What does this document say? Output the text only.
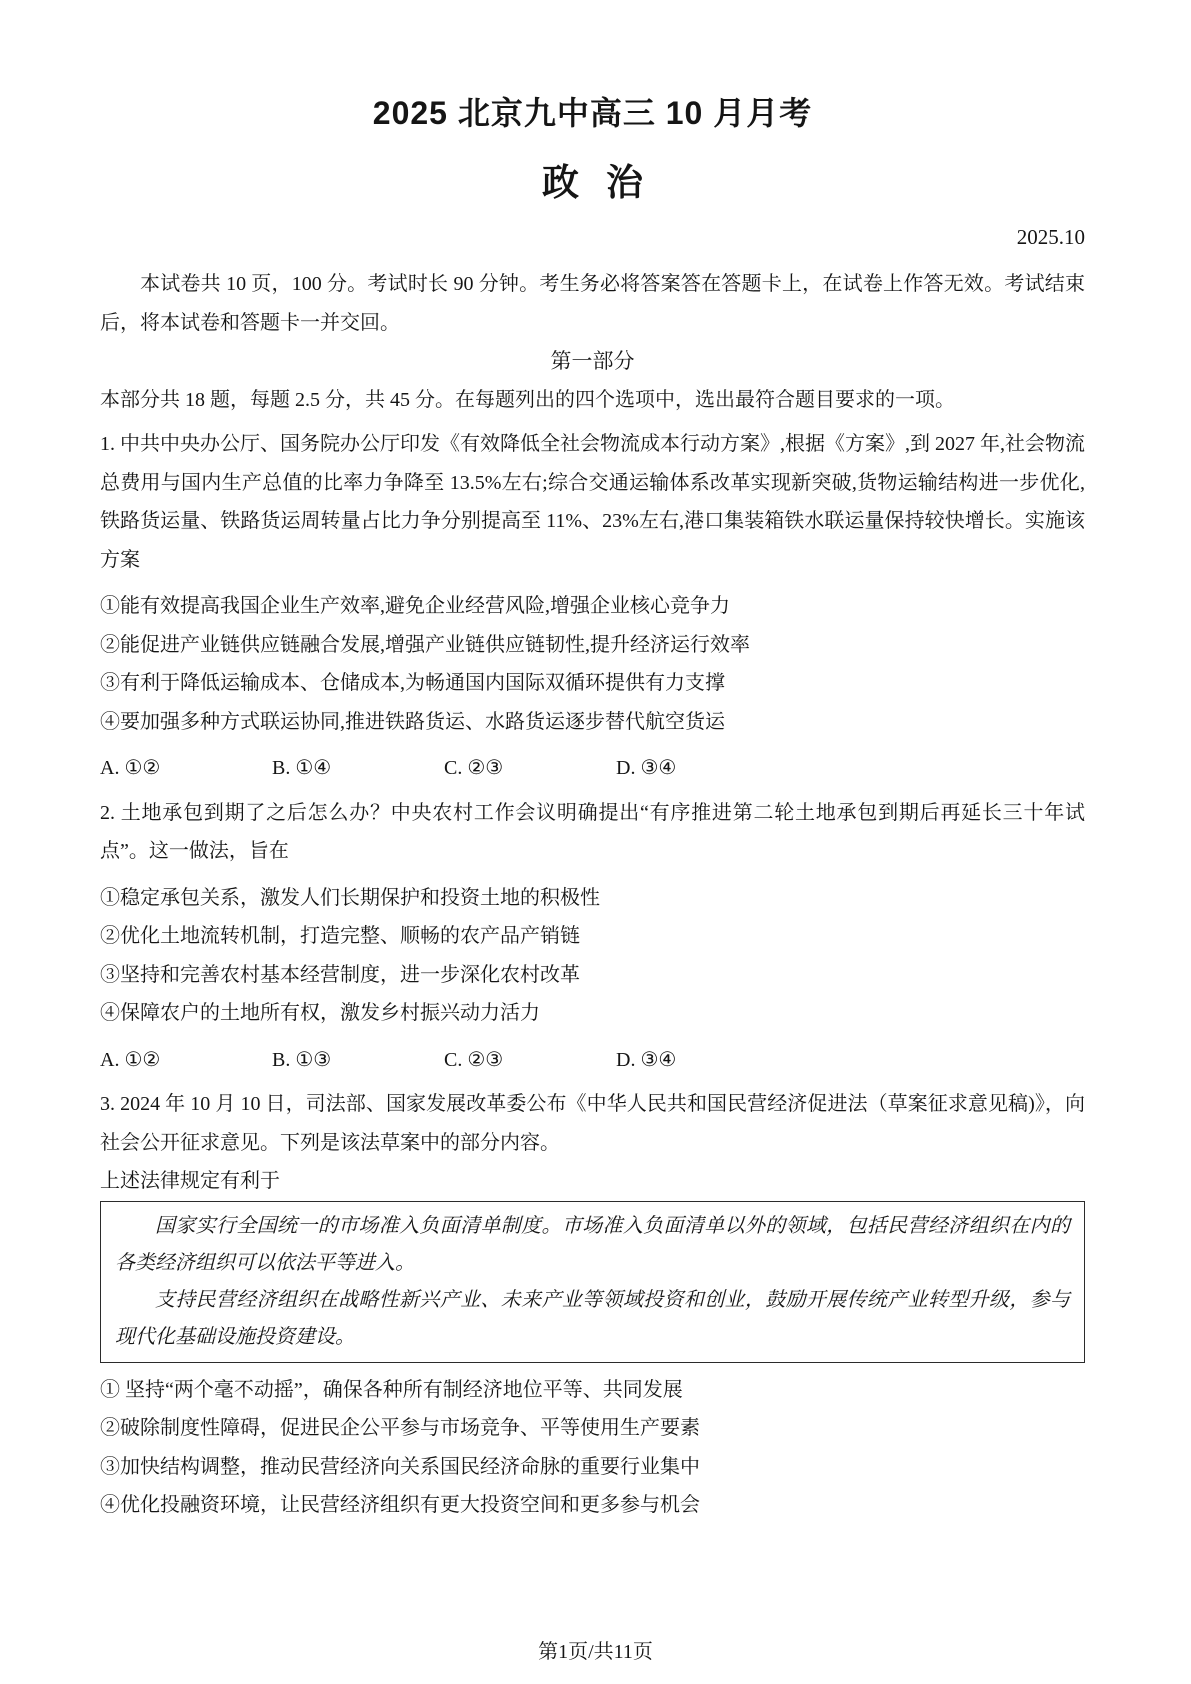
2025 北京九中高三 10 月月考
政 治
2025.10

本试卷共 10 页，100 分。考试时长 90 分钟。考生务必将答案答在答题卡上，在试卷上作答无效。考试结束后，将本试卷和答题卡一并交回。

第一部分

本部分共 18 题，每题 2.5 分，共 45 分。在每题列出的四个选项中，选出最符合题目要求的一项。

1. 中共中央办公厅、国务院办公厅印发《有效降低全社会物流成本行动方案》,根据《方案》,到 2027 年,社会物流总费用与国内生产总值的比率力争降至 13.5%左右;综合交通运输体系改革实现新突破,货物运输结构进一步优化,铁路货运量、铁路货运周转量占比力争分别提高至 11%、23%左右,港口集装箱铁水联运量保持较快增长。实施该方案

①能有效提高我国企业生产效率,避免企业经营风险,增强企业核心竞争力

②能促进产业链供应链融合发展,增强产业链供应链韧性,提升经济运行效率

③有利于降低运输成本、仓储成本,为畅通国内国际双循环提供有力支撑

④要加强多种方式联运协同,推进铁路货运、水路货运逐步替代航空货运

A. ①②	B. ①④	C. ②③	D. ③④

2. 土地承包到期了之后怎么办？中央农村工作会议明确提出“有序推进第二轮土地承包到期后再延长三十年试点”。这一做法，旨在

①稳定承包关系，激发人们长期保护和投资土地的积极性

②优化土地流转机制，打造完整、顺畅的农产品产销链

③坚持和完善农村基本经营制度，进一步深化农村改革

④保障农户的土地所有权，激发乡村振兴动力活力

A. ①②	B. ①③	C. ②③	D. ③④

3. 2024 年 10 月 10 日，司法部、国家发展改革委公布《中华人民共和国民营经济促进法（草案征求意见稿)》，向社会公开征求意见。下列是该法草案中的部分内容。

上述法律规定有利于

国家实行全国统一的市场准入负面清单制度。市场准入负面清单以外的领域，包括民营经济组织在内的各类经济组织可以依法平等进入。

支持民营经济组织在战略性新兴产业、未来产业等领域投资和创业，鼓励开展传统产业转型升级，参与现代化基础设施投资建设。

① 坚持“两个毫不动摇”，确保各种所有制经济地位平等、共同发展

②破除制度性障碍，促进民企公平参与市场竞争、平等使用生产要素

③加快结构调整，推动民营经济向关系国民经济命脉的重要行业集中

④优化投融资环境，让民营经济组织有更大投资空间和更多参与机会

第1页/共11页
